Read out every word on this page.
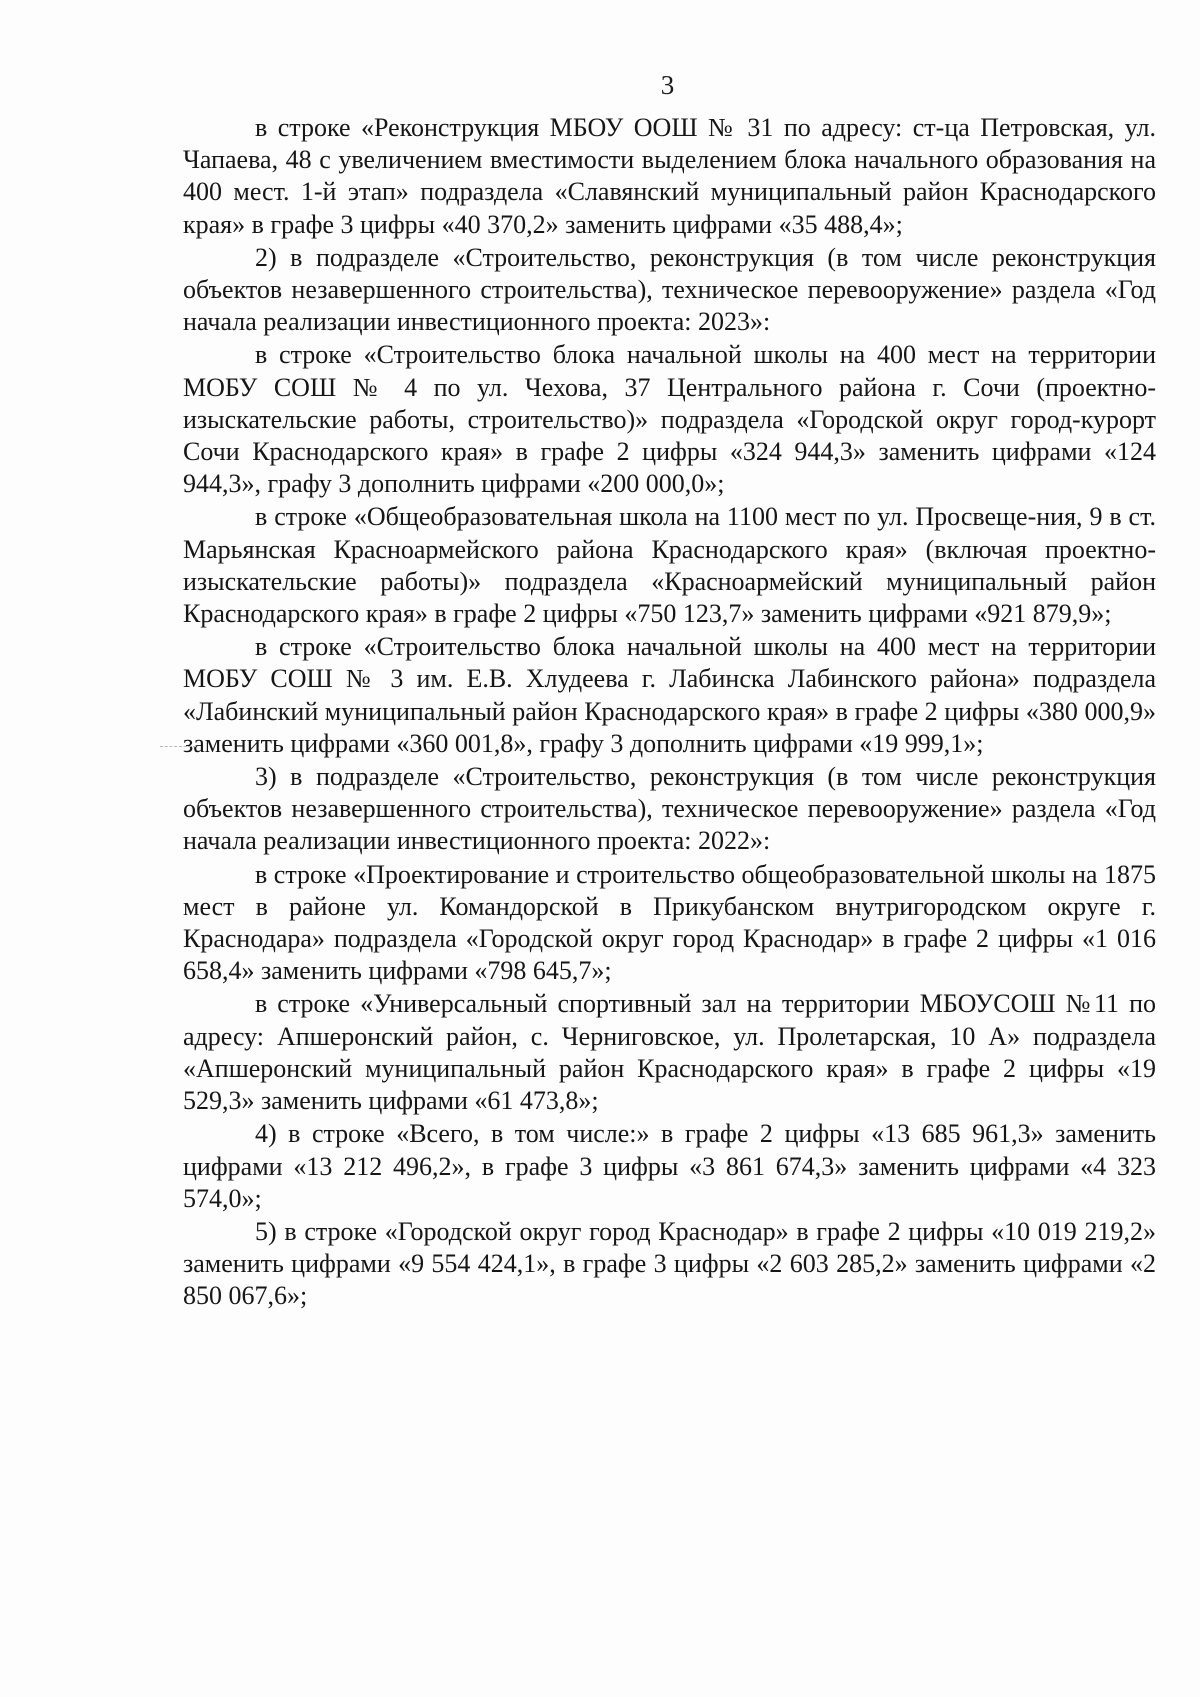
3

в строке «Реконструкция МБОУ ООШ № 31 по адресу: ст-ца Петровская, ул. Чапаева, 48 с увеличением вместимости выделением блока начального образования на 400 мест. 1-й этап» подраздела «Славянский муниципальный район Краснодарского края» в графе 3 цифры «40 370,2» заменить цифрами «35 488,4»;

2) в подразделе «Строительство, реконструкция (в том числе реконструкция объектов незавершенного строительства), техническое перевооружение» раздела «Год начала реализации инвестиционного проекта: 2023»:

в строке «Строительство блока начальной школы на 400 мест на территории МОБУ СОШ № 4 по ул. Чехова, 37 Центрального района г. Сочи (проектно-изыскательские работы, строительство)» подраздела «Городской округ город-курорт Сочи Краснодарского края» в графе 2 цифры «324 944,3» заменить цифрами «124 944,3», графу 3 дополнить цифрами «200 000,0»;

в строке «Общеобразовательная школа на 1100 мест по ул. Просвеще-ния, 9 в ст. Марьянская Красноармейского района Краснодарского края» (включая проектно-изыскательские работы)» подраздела «Красноармейский муниципальный район Краснодарского края» в графе 2 цифры «750 123,7» заменить цифрами «921 879,9»;

в строке «Строительство блока начальной школы на 400 мест на территории МОБУ СОШ № 3 им. Е.В. Хлудеева г. Лабинска Лабинского района» подраздела «Лабинский муниципальный район Краснодарского края» в графе 2 цифры «380 000,9» заменить цифрами «360 001,8», графу 3 дополнить цифрами «19 999,1»;

3) в подразделе «Строительство, реконструкция (в том числе реконструкция объектов незавершенного строительства), техническое перевооружение» раздела «Год начала реализации инвестиционного проекта: 2022»:

в строке «Проектирование и строительство общеобразовательной школы на 1875 мест в районе ул. Командорской в Прикубанском внутригородском округе г. Краснодара» подраздела «Городской округ город Краснодар» в графе 2 цифры «1 016 658,4» заменить цифрами «798 645,7»;

в строке «Универсальный спортивный зал на территории МБОУСОШ №11 по адресу: Апшеронский район, с. Черниговское, ул. Пролетарская, 10 А» подраздела «Апшеронский муниципальный район Краснодарского края» в графе 2 цифры «19 529,3» заменить цифрами «61 473,8»;

4) в строке «Всего, в том числе:» в графе 2 цифры «13 685 961,3» заменить цифрами «13 212 496,2», в графе 3 цифры «3 861 674,3» заменить цифрами «4 323 574,0»;

5) в строке «Городской округ город Краснодар» в графе 2 цифры «10 019 219,2» заменить цифрами «9 554 424,1», в графе 3 цифры «2 603 285,2» заменить цифрами «2 850 067,6»;
